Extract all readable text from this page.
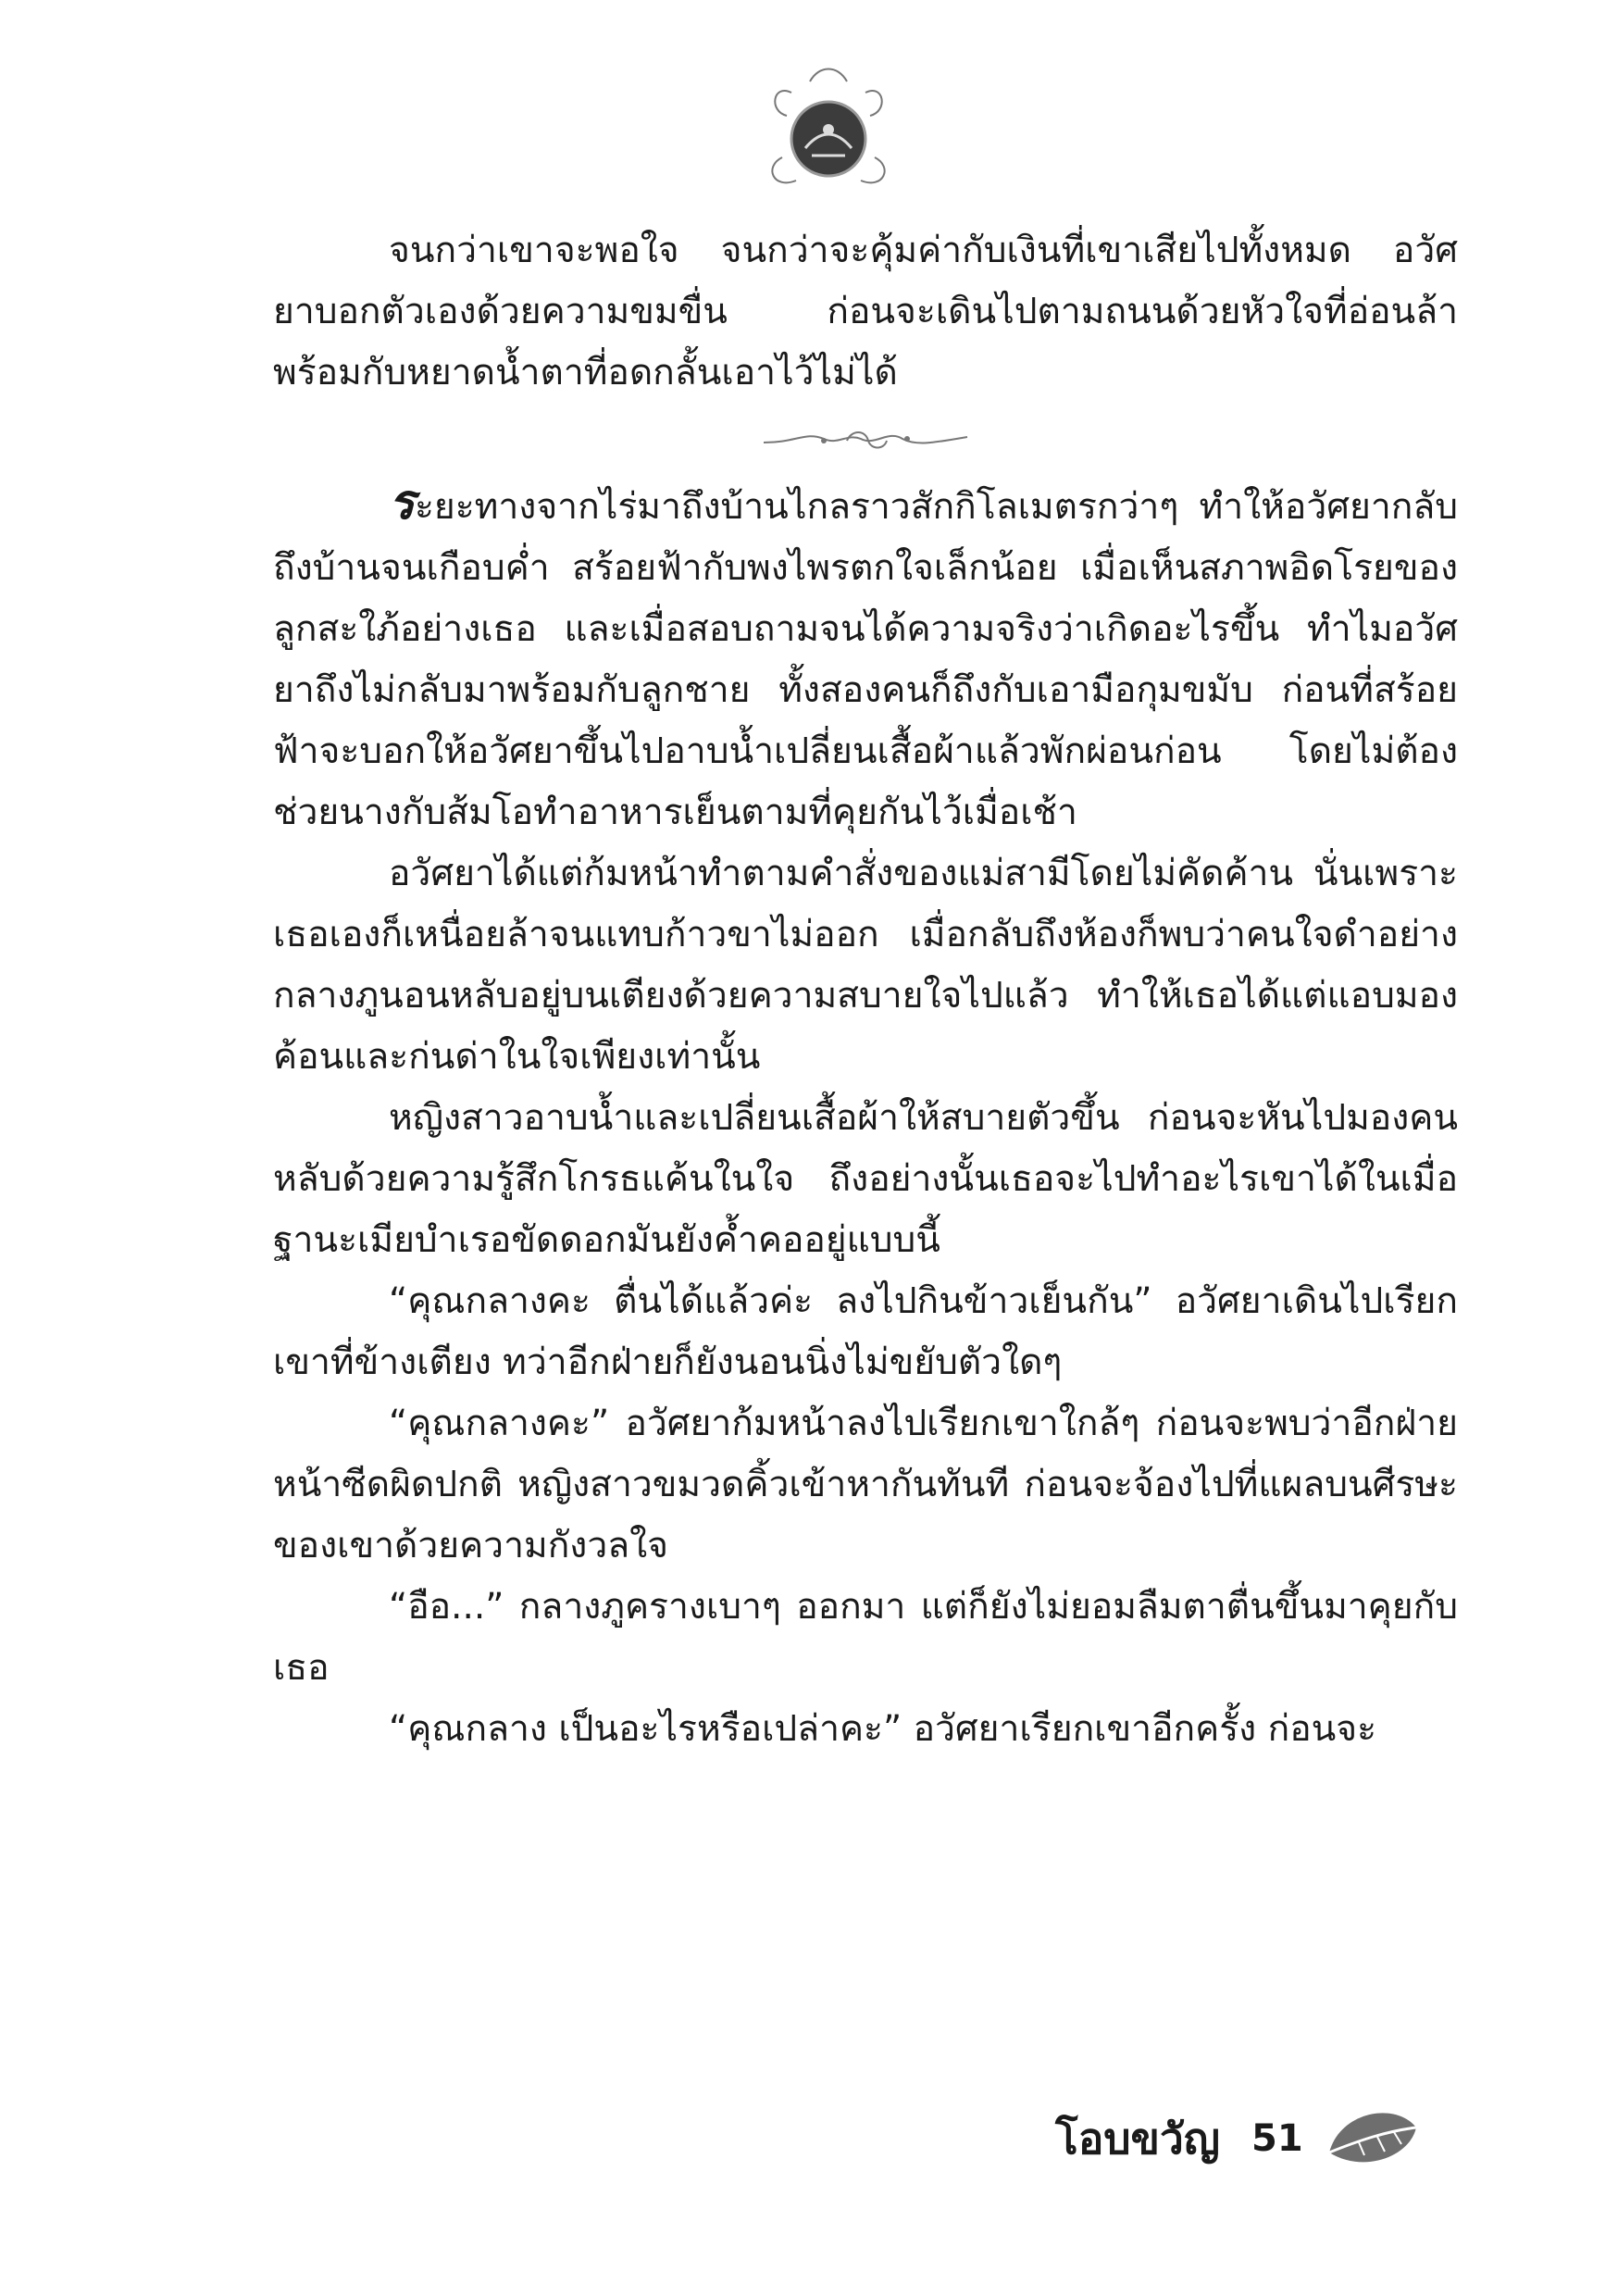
จนกว่าเขาจะพอใจ จนกว่าจะคุ้มค่ากับเงินที่เขาเสียไปทั้งหมด อวัศยาบอกตัวเองด้วยความขมขื่น ก่อนจะเดินไปตามถนนด้วยหัวใจที่อ่อนล้าพร้อมกับหยาดน้ำตาที่อดกลั้นเอาไว้ไม่ได้

ระยะทางจากไร่มาถึงบ้านไกลราวสักกิโลเมตรกว่าๆ ทำให้อวัศยากลับถึงบ้านจนเกือบค่ำ สร้อยฟ้ากับพงไพรตกใจเล็กน้อย เมื่อเห็นสภาพอิดโรยของลูกสะใภ้อย่างเธอ และเมื่อสอบถามจนได้ความจริงว่าเกิดอะไรขึ้น ทำไมอวัศยาถึงไม่กลับมาพร้อมกับลูกชาย ทั้งสองคนก็ถึงกับเอามือกุมขมับ ก่อนที่สร้อยฟ้าจะบอกให้อวัศยาขึ้นไปอาบน้ำเปลี่ยนเสื้อผ้าแล้วพักผ่อนก่อน โดยไม่ต้องช่วยนางกับส้มโอทำอาหารเย็นตามที่คุยกันไว้เมื่อเช้า

อวัศยาได้แต่ก้มหน้าทำตามคำสั่งของแม่สามีโดยไม่คัดค้าน นั่นเพราะเธอเองก็เหนื่อยล้าจนแทบก้าวขาไม่ออก เมื่อกลับถึงห้องก็พบว่าคนใจดำอย่างกลางภูนอนหลับอยู่บนเตียงด้วยความสบายใจไปแล้ว ทำให้เธอได้แต่แอบมองค้อนและก่นด่าในใจเพียงเท่านั้น

หญิงสาวอาบน้ำและเปลี่ยนเสื้อผ้าให้สบายตัวขึ้น ก่อนจะหันไปมองคนหลับด้วยความรู้สึกโกรธแค้นในใจ ถึงอย่างนั้นเธอจะไปทำอะไรเขาได้ในเมื่อฐานะเมียบำเรอขัดดอกมันยังค้ำคออยู่แบบนี้

“คุณกลางคะ ตื่นได้แล้วค่ะ ลงไปกินข้าวเย็นกัน” อวัศยาเดินไปเรียกเขาที่ข้างเตียง ทว่าอีกฝ่ายก็ยังนอนนิ่งไม่ขยับตัวใดๆ

“คุณกลางคะ” อวัศยาก้มหน้าลงไปเรียกเขาใกล้ๆ ก่อนจะพบว่าอีกฝ่ายหน้าซีดผิดปกติ หญิงสาวขมวดคิ้วเข้าหากันทันที ก่อนจะจ้องไปที่แผลบนศีรษะของเขาด้วยความกังวลใจ

“อือ...” กลางภูครางเบาๆ ออกมา แต่ก็ยังไม่ยอมลืมตาตื่นขึ้นมาคุยกับเธอ

“คุณกลาง เป็นอะไรหรือเปล่าคะ” อวัศยาเรียกเขาอีกครั้ง ก่อนจะ

โอบขวัญ 51
